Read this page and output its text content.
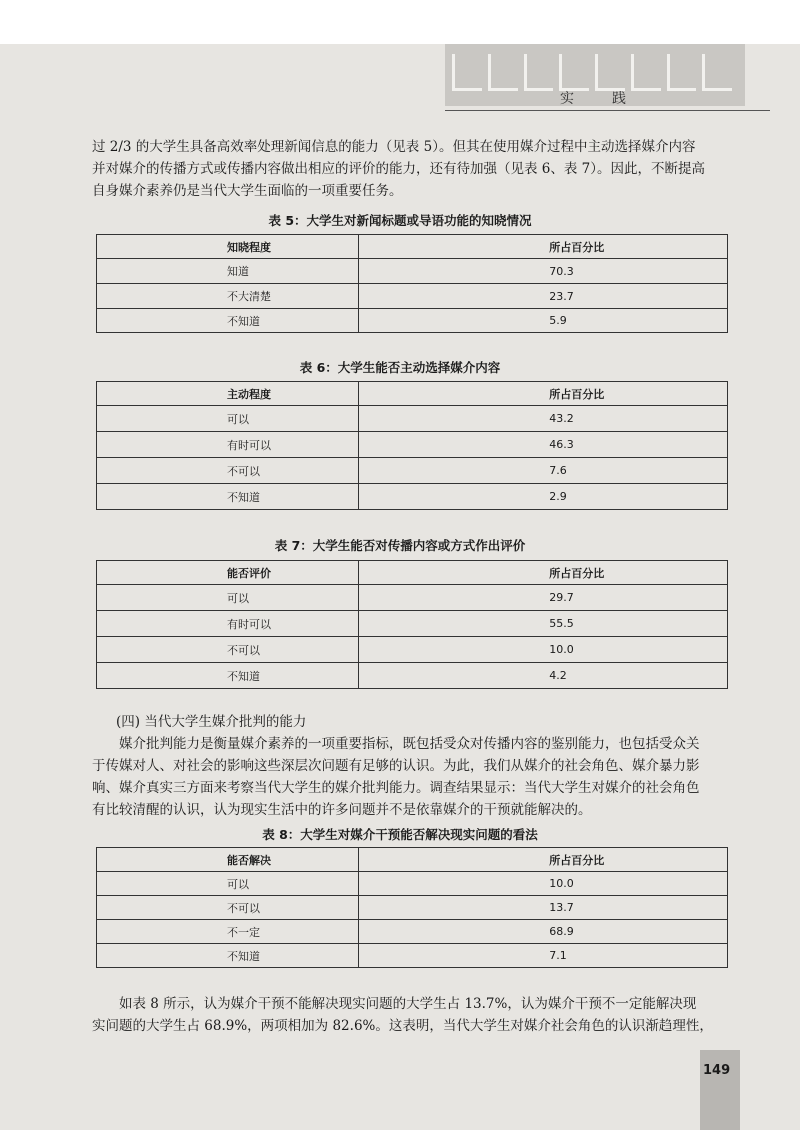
实　践
过 2/3 的大学生具备高效率处理新闻信息的能力（见表 5）。但其在使用媒介过程中主动选择媒介内容
并对媒介的传播方式或传播内容做出相应的评价的能力，还有待加强（见表 6、表 7）。因此，不断提高
自身媒介素养仍是当代大学生面临的一项重要任务。
表 5：大学生对新闻标题或导语功能的知晓情况
知晓程度	所占百分比
知道	70.3
不大清楚	23.7
不知道	5.9
表 6：大学生能否主动选择媒介内容
主动程度	所占百分比
可以	43.2
有时可以	46.3
不可以	7.6
不知道	2.9
表 7：大学生能否对传播内容或方式作出评价
能否评价	所占百分比
可以	29.7
有时可以	55.5
不可以	10.0
不知道	4.2
(四) 当代大学生媒介批判的能力
媒介批判能力是衡量媒介素养的一项重要指标，既包括受众对传播内容的鉴别能力，也包括受众关
于传媒对人、对社会的影响这些深层次问题有足够的认识。为此，我们从媒介的社会角色、媒介暴力影
响、媒介真实三方面来考察当代大学生的媒介批判能力。调查结果显示：当代大学生对媒介的社会角色
有比较清醒的认识，认为现实生活中的许多问题并不是依靠媒介的干预就能解决的。
表 8：大学生对媒介干预能否解决现实问题的看法
能否解决	所占百分比
可以	10.0
不可以	13.7
不一定	68.9
不知道	7.1
如表 8 所示，认为媒介干预不能解决现实问题的大学生占 13.7%，认为媒介干预不一定能解决现
实问题的大学生占 68.9%，两项相加为 82.6%。这表明，当代大学生对媒介社会角色的认识渐趋理性，
149
